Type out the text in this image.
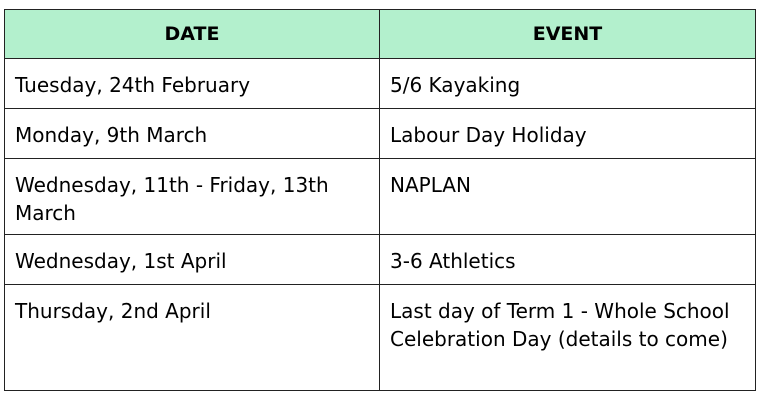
DATE	EVENT
Tuesday, 24th February	5/6 Kayaking
Monday, 9th March	Labour Day Holiday
Wednesday, 11th - Friday, 13th March	NAPLAN
Wednesday, 1st April	3-6 Athletics
Thursday, 2nd April	Last day of Term 1 - Whole School Celebration Day (details to come)
